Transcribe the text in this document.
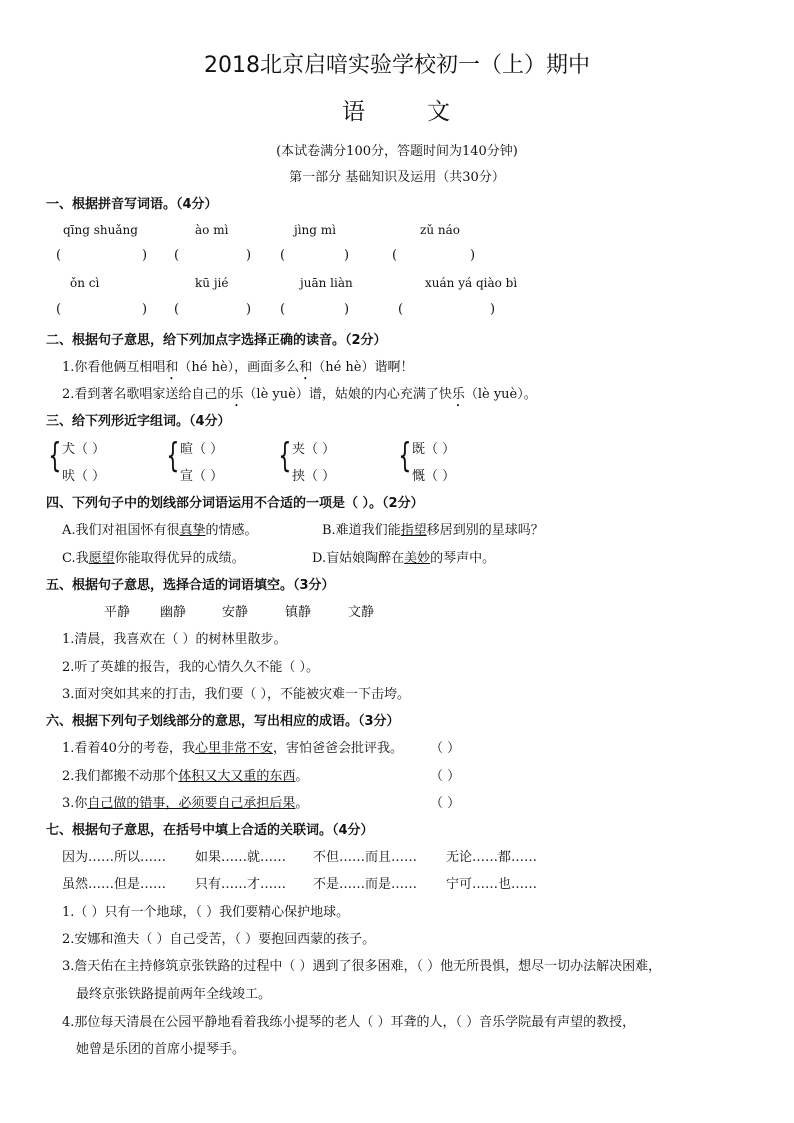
2018北京启喑实验学校初一（上）期中
语	文
(本试卷满分100分，答题时间为140分钟)
第一部分 基础知识及运用（共30分）
一、根据拼音写词语。（4分）
qīng shuǎng	ào mì	jìng mì	zǔ náo
(	) (	) (	)	(	)
ǒn cì	kū jié	juān liàn	xuán yá qiào bì
(	) (	) (	)	(	)
二、根据句子意思，给下列加点字选择正确的读音。（2分）
1.你看他俩互相唱和（hé hè），画面多么和（hé hè）谐啊！
2.看到著名歌唱家送给自己的乐（lè yuè）谱，姑娘的内心充满了快乐（lè yuè）。
三、给下列形近字组词。（4分）
{ 犬（ ）
吠（ ）
{ 暄（ ）
宣（ ）
{ 夹（ ）
挟（ ）
{ 既（ ）
慨（ ）
四、下列句子中的划线部分词语运用不合适的一项是（ ）。（2分）
A.我们对祖国怀有很真挚的情感。	B.难道我们能指望移居到别的星球吗？
C.我愿望你能取得优异的成绩。	D.盲姑娘陶醉在美妙的琴声中。
五、根据句子意思，选择合适的词语填空。（3分）
平静 幽静	安静	镇静	文静
1.清晨，我喜欢在（ ）的树林里散步。
2.听了英雄的报告，我的心情久久不能（ ）。
3.面对突如其来的打击，我们要（ ），不能被灾难一下击垮。
六、根据下列句子划线部分的意思，写出相应的成语。（3分）
1.看着40分的考卷，我心里非常不安，害怕爸爸会批评我。 （ ）
2.我们都搬不动那个体积又大又重的东西。	（ ）
3.你自己做的错事，必须要自己承担后果。	（ ）
七、根据句子意思，在括号中填上合适的关联词。（4分）
因为……所以…… 如果……就…… 不但……而且…… 无论……都……
虽然……但是…… 只有……才…… 不是……而是…… 宁可……也……
1.（ ）只有一个地球，（ ）我们要精心保护地球。
2.安娜和渔夫（ ）自己受苦，（ ）要抱回西蒙的孩子。
3.詹天佑在主持修筑京张铁路的过程中（ ）遇到了很多困难，（ ）他无所畏惧，想尽一切办法解决困难，
最终京张铁路提前两年全线竣工。
4.那位每天清晨在公园平静地看着我练小提琴的老人（ ）耳聋的人，（ ）音乐学院最有声望的教授，
她曾是乐团的首席小提琴手。
